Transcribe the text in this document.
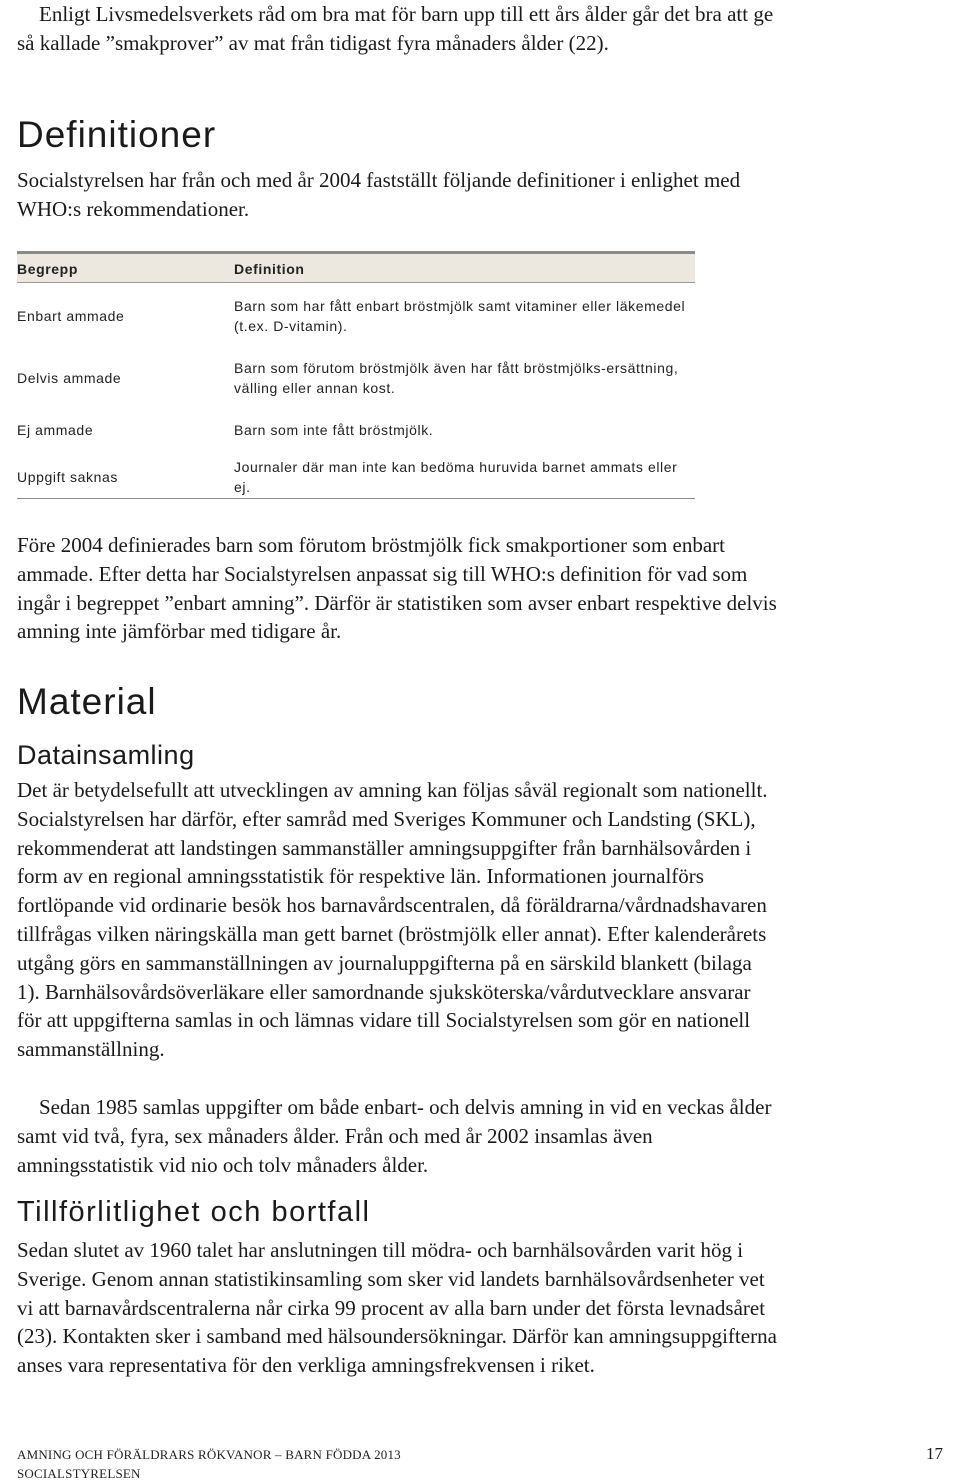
Enligt Livsmedelsverkets råd om bra mat för barn upp till ett års ålder går det bra att ge så kallade ”smakprover” av mat från tidigast fyra månaders ålder (22).

Definitioner

Socialstyrelsen har från och med år 2004 fastställt följande definitioner i enlighet med WHO:s rekommendationer.

Begrepp	Definition
Enbart ammade
Barn som har fått enbart bröstmjölk samt vitaminer eller läkemedel (t.ex. D-vitamin).
Delvis ammade
Barn som förutom bröstmjölk även har fått bröstmjölks-ersättning, välling eller annan kost.
Ej ammade	Barn som inte fått bröstmjölk.
Uppgift saknas
Journaler där man inte kan bedöma huruvida barnet ammats eller ej.

Före 2004 definierades barn som förutom bröstmjölk fick smakportioner som enbart ammade. Efter detta har Socialstyrelsen anpassat sig till WHO:s definition för vad som ingår i begreppet ”enbart amning”. Därför är statistiken som avser enbart respektive delvis amning inte jämförbar med tidigare år.

Material
Datainsamling

Det är betydelsefullt att utvecklingen av amning kan följas såväl regionalt som nationellt. Socialstyrelsen har därför, efter samråd med Sveriges Kommuner och Landsting (SKL), rekommenderat att landstingen sammanställer amningsuppgifter från barnhälsovården i form av en regional amningsstatistik för respektive län. Informationen journalförs fortlöpande vid ordinarie besök hos barnavårdscentralen, då föräldrarna/vårdnadshavaren tillfrågas vilken näringskälla man gett barnet (bröstmjölk eller annat). Efter kalenderårets utgång görs en sammanställningen av journaluppgifterna på en särskild blankett (bilaga 1). Barnhälsovårdsöverläkare eller samordnande sjuksköterska/vårdutvecklare ansvarar för att uppgifterna samlas in och lämnas vidare till Socialstyrelsen som gör en nationell sammanställning.

Sedan 1985 samlas uppgifter om både enbart- och delvis amning in vid en veckas ålder samt vid två, fyra, sex månaders ålder. Från och med år 2002 insamlas även amningsstatistik vid nio och tolv månaders ålder.

Tillförlitlighet och bortfall

Sedan slutet av 1960 talet har anslutningen till mödra- och barnhälsovården varit hög i Sverige. Genom annan statistikinsamling som sker vid landets barnhälsovårdsenheter vet vi att barnavårdscentralerna når cirka 99 procent av alla barn under det första levnadsåret (23). Kontakten sker i samband med hälsoundersökningar. Därför kan amningsuppgifterna anses vara representativa för den verkliga amningsfrekvensen i riket.

AMNING OCH FÖRÄLDRARS RÖKVANOR – BARN FÖDDA 2013
SOCIALSTYRELSEN
17
